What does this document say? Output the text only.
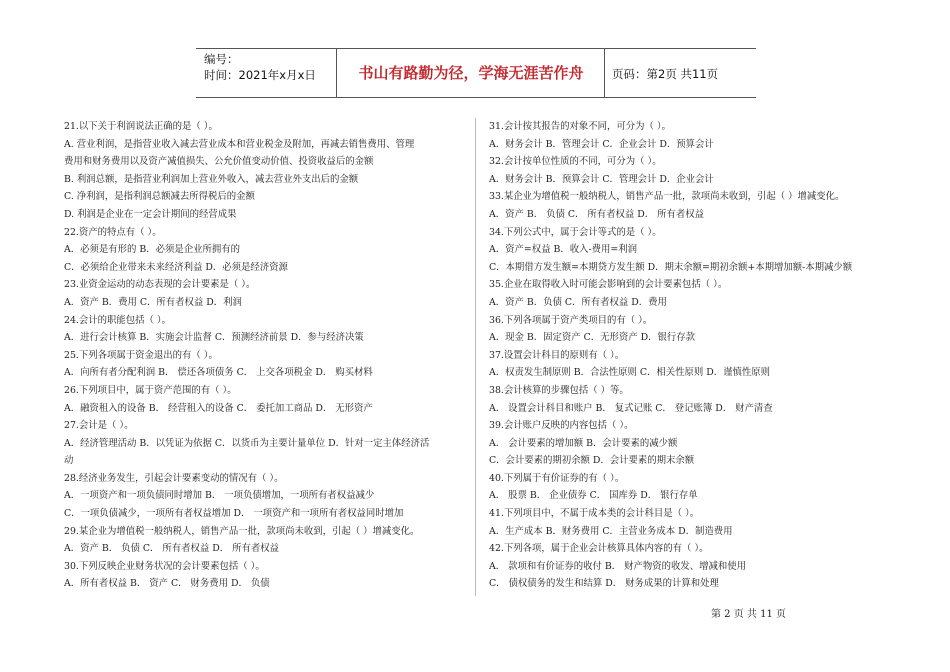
编号：
时间：2021年x月x日	书山有路勤为径，学海无涯苦作舟	页码：第2页 共11页
21.以下关于利润说法正确的是（ ）。
A. 营业利润，是指营业收入减去营业成本和营业税金及附加，再减去销售费用、管理
费用和财务费用以及资产减值损失、公允价值变动价值、投资收益后的金额
B. 利润总额，是指营业利润加上营业外收入，减去营业外支出后的金额
C. 净利润，是指利润总额减去所得税后的金额
D. 利润是企业在一定会计期间的经营成果
22.资产的特点有（ ）。
A．必须是有形的 B．必须是企业所拥有的
C．必须给企业带来未来经济利益 D．必须是经济资源
23.业资金运动的动态表现的会计要素是（ ）。
A．资产 B．费用 C．所有者权益 D．利润
24.会计的职能包括（ ）。
A．进行会计核算 B．实施会计监督 C．预测经济前景 D．参与经济决策
25.下列各项属于资金退出的有（ ）。
A．向所有者分配利润 B． 偿还各项债务 C． 上交各项税金 D． 购买材料
26.下列项目中，属于资产范围的有（ ）。
A．融资租入的设备 B． 经营租入的设备 C． 委托加工商品 D． 无形资产
27.会计是（ ）。
A．经济管理活动 B．以凭证为依据 C．以货币为主要计量单位 D．针对一定主体经济活
动
28.经济业务发生，引起会计要素变动的情况有（ ）。
A．一项资产和一项负债同时增加 B． 一项负债增加，一项所有者权益减少
C．一项负债减少，一项所有者权益增加 D． 一项资产和一项所有者权益同时增加
29.某企业为增值税一般纳税人，销售产品一批，款项尚未收到，引起（ ）增减变化。
A．资产 B． 负债 C． 所有者权益 D． 所有者权益
30.下列反映企业财务状况的会计要素包括（ ）。
A．所有者权益 B． 资产 C． 财务费用 D． 负债
31.会计按其报告的对象不同，可分为（ ）。
A．财务会计 B．管理会计 C．企业会计 D．预算会计
32.会计按单位性质的不同，可分为（ ）。
A．财务会计 B．预算会计 C．管理会计 D．企业会计
33.某企业为增值税一般纳税人，销售产品一批，款项尚未收到，引起（ ）增减变化。
A．资产 B． 负债 C． 所有者权益 D． 所有者权益
34.下列公式中，属于会计等式的是（ ）。
A．资产=权益 B．收入-费用=利润
C．本期借方发生额=本期贷方发生额 D．期末余额=期初余额+本期增加额-本期减少额
35.企业在取得收入时可能会影响到的会计要素包括（ ）。
A．资产 B．负债 C．所有者权益 D．费用
36.下列各项属于资产类项目的有（ ）。
A．现金 B．固定资产 C．无形资产 D．银行存款
37.设置会计科目的原则有（ ）。
A．权责发生制原则 B．合法性原则 C．相关性原则 D．谨慎性原则
38.会计核算的步骤包括（ ）等。
A． 设置会计科目和账户 B． 复式记账 C． 登记账簿 D． 财产清查
39.会计账户反映的内容包括（ ）。
A． 会计要素的增加额 B．会计要素的减少额
C．会计要素的期初余额 D．会计要素的期末余额
40.下列属于有价证券的有（ ）。
A． 股票 B． 企业债券 C． 国库券 D． 银行存单
41.下列项目中，不属于成本类的会计科目是（ ）。
A．生产成本 B．财务费用 C．主营业务成本 D．制造费用
42.下列各项，属于企业会计核算具体内容的有（ ）。
A． 款项和有价证券的收付 B． 财产物资的收发、增减和使用
C． 债权债务的发生和结算 D． 财务成果的计算和处理
第 2 页 共 11 页
